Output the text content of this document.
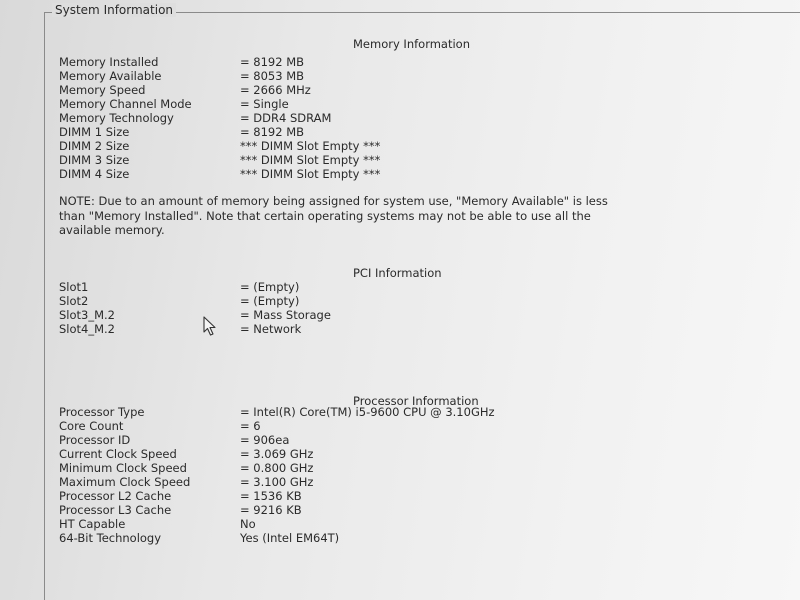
System Information
Memory Information
Memory Installed	= 8192 MB
Memory Available	= 8053 MB
Memory Speed	= 2666 MHz
Memory Channel Mode	= Single
Memory Technology	= DDR4 SDRAM
DIMM 1 Size	= 8192 MB
DIMM 2 Size	*** DIMM Slot Empty ***
DIMM 3 Size	*** DIMM Slot Empty ***
DIMM 4 Size	*** DIMM Slot Empty ***
NOTE: Due to an amount of memory being assigned for system use, "Memory Available" is less
than "Memory Installed". Note that certain operating systems may not be able to use all the
available memory.
PCI Information
Slot1	= (Empty)
Slot2	= (Empty)
Slot3_M.2	= Mass Storage
Slot4_M.2	= Network
Processor Information
Processor Type	= Intel(R) Core(TM) i5-9600 CPU @ 3.10GHz
Core Count	= 6
Processor ID	= 906ea
Current Clock Speed	= 3.069 GHz
Minimum Clock Speed	= 0.800 GHz
Maximum Clock Speed	= 3.100 GHz
Processor L2 Cache	= 1536 KB
Processor L3 Cache	= 9216 KB
HT Capable	No
64-Bit Technology	Yes (Intel EM64T)
